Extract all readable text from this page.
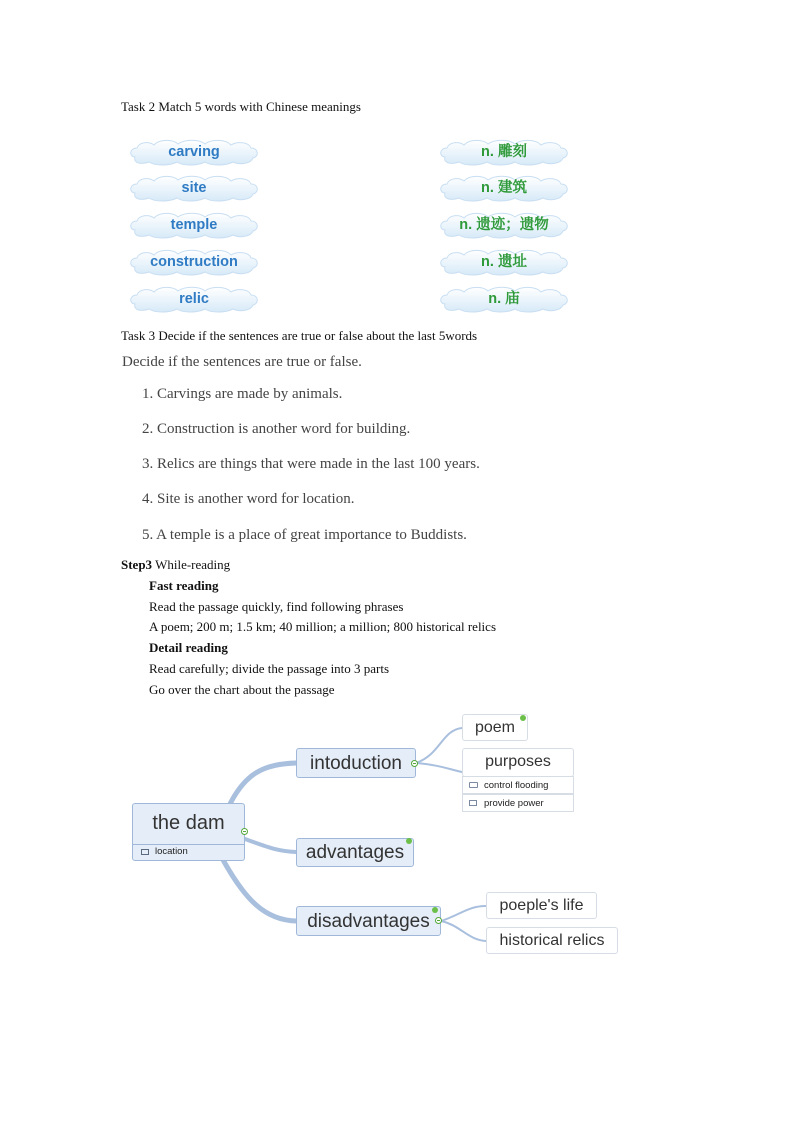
Task 2 Match 5 words with Chinese meanings
carving
site
temple
construction
relic
n. 雕刻
n. 建筑
n. 遗迹；遗物
n. 遗址
n. 庙
Task 3 Decide if the sentences are true or false about the last 5words
Decide if the sentences are true or false.
1. Carvings are made by animals.
2. Construction is another word for building.
3. Relics are things that were made in the last 100 years.
4. Site is another word for location.
5. A temple is a place of great importance to Buddists.
Step3 While-reading
Fast reading
Read the passage quickly, find following phrases
A poem; 200 m; 1.5 km; 40 million; a million; 800 historical relics
Detail reading
Read carefully; divide the passage into 3 parts
Go over the chart about the passage
the dam
location
intoduction
advantages
disadvantages
poem
purposes
control flooding
provide power
poeple's life
historical relics
